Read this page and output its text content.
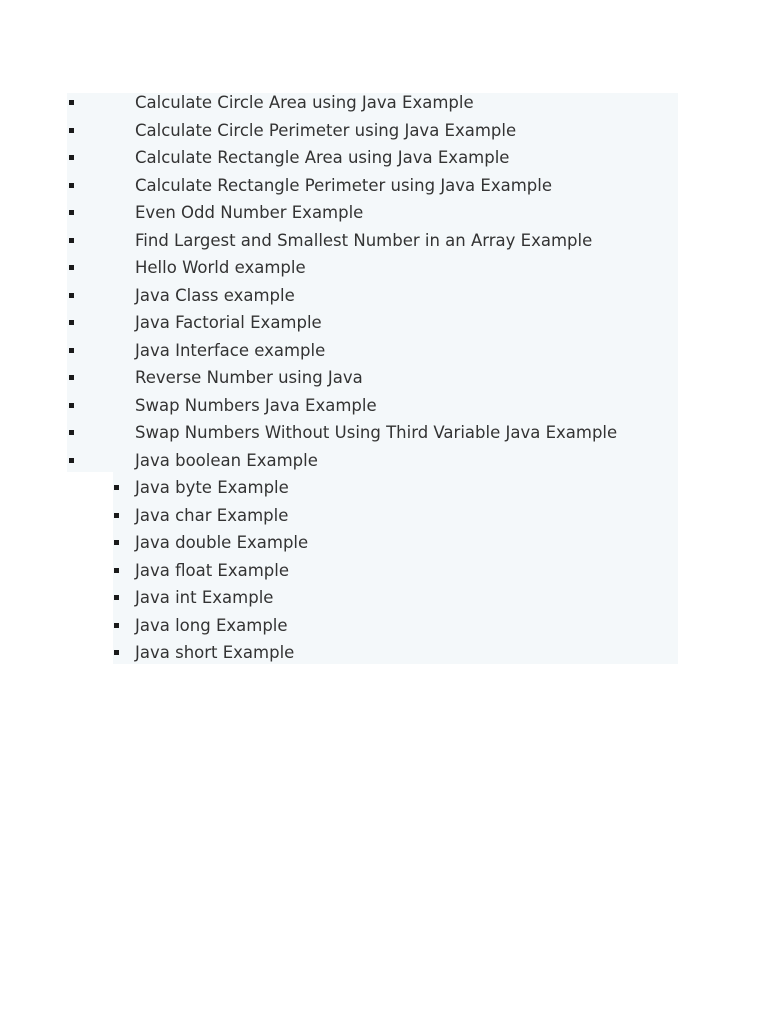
Calculate Circle Area using Java Example
Calculate Circle Perimeter using Java Example
Calculate Rectangle Area using Java Example
Calculate Rectangle Perimeter using Java Example
Even Odd Number Example
Find Largest and Smallest Number in an Array Example
Hello World example
Java Class example
Java Factorial Example
Java Interface example
Reverse Number using Java
Swap Numbers Java Example
Swap Numbers Without Using Third Variable Java Example
Java boolean Example
Java byte Example
Java char Example
Java double Example
Java float Example
Java int Example
Java long Example
Java short Example
